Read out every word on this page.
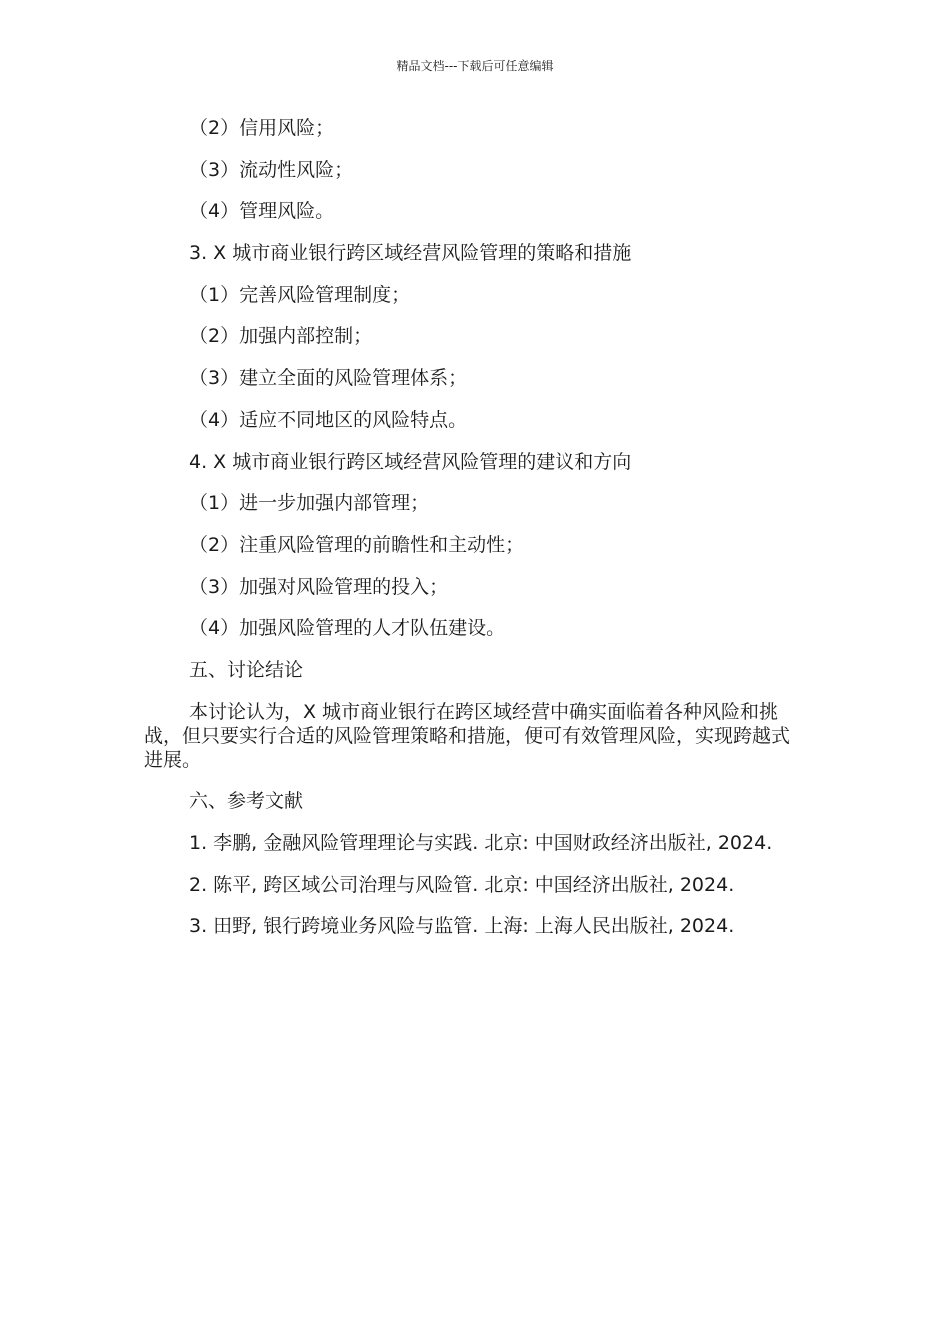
精品文档---下载后可任意编辑

（2）信用风险；

（3）流动性风险；

（4）管理风险。

3. X 城市商业银行跨区域经营风险管理的策略和措施

（1）完善风险管理制度；

（2）加强内部控制；

（3）建立全面的风险管理体系；

（4）适应不同地区的风险特点。

4. X 城市商业银行跨区域经营风险管理的建议和方向

（1）进一步加强内部管理；

（2）注重风险管理的前瞻性和主动性；

（3）加强对风险管理的投入；

（4）加强风险管理的人才队伍建设。

五、讨论结论

本讨论认为，X 城市商业银行在跨区域经营中确实面临着各种风险和挑战，但只要实行合适的风险管理策略和措施，便可有效管理风险，实现跨越式进展。

六、参考文献

1. 李鹏, 金融风险管理理论与实践. 北京: 中国财政经济出版社, 2024.

2. 陈平, 跨区域公司治理与风险管. 北京: 中国经济出版社, 2024.

3. 田野, 银行跨境业务风险与监管. 上海: 上海人民出版社, 2024.
